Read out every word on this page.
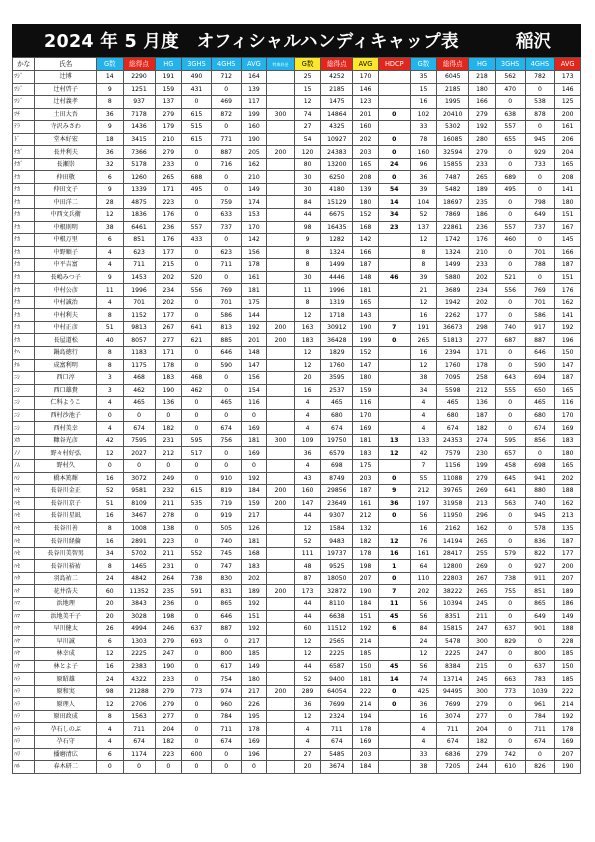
2024 年 5 月度　オフィシャルハンディキャップ表	稲沢
かな	氏名	G数	総得点	HG	3GHS	4GHS	AVG	特典料金	G数	総得点	AVG	HDCP	G数	総得点	HG	3GHS	4GHS	AVG
ﾂｼﾞ	辻博	14	2290	191	490	712	164		25	4252	170		35	6045	218	562	782	173
ﾂｼﾞ	辻村啓子	9	1251	159	431	0	139		15	2185	146		15	2185	180	470	0	146
ﾂｼﾞ	辻村義孝	8	937	137	0	469	117		12	1475	123		16	1995	166	0	538	125
ﾂﾁ	土田大吾	36	7178	279	615	872	199	300	74	14864	201	0	102	20410	279	638	878	200
ﾃﾗ	寺沢みさわ	9	1436	179	515	0	160		27	4325	160		33	5302	192	557	0	161
ﾄﾞ	堂本好宏	18	3415	210	615	771	190		54	10927	202	0	78	16085	280	655	945	206
ﾅｶﾞ	長井利夫	36	7366	279	0	887	205	200	120	24383	203	0	160	32594	279	0	929	204
ﾅｶﾞ	長瀬崇	32	5178	233	0	716	162		80	13200	165	24	96	15855	233	0	733	165
ﾅｶ	仲田敬	6	1260	265	688	0	210		30	6250	208	0	36	7487	265	689	0	208
ﾅｶ	仲田文子	9	1339	171	495	0	149		30	4180	139	54	39	5482	189	495	0	141
ﾅｶ	中田洋二	28	4875	223	0	759	174		84	15129	180	14	104	18697	235	0	798	180
ﾅｶ	中西文兵衛	12	1836	176	0	633	153		44	6675	152	34	52	7869	186	0	649	151
ﾅｶ	中根則明	38	6461	236	557	737	170		98	16435	168	23	137	22861	236	557	737	167
ﾅｶ	中根万里	6	851	176	433	0	142		9	1282	142		12	1742	176	460	0	145
ﾅｶ	中野順子	4	623	177	0	623	156		8	1324	166		8	1324	210	0	701	166
ﾅｶ	中平吉富	4	711	215	0	711	178		8	1499	187		8	1499	233	0	788	187
ﾅｶ	長嶋みつ子	9	1453	202	520	0	161		30	4446	148	46	39	5880	202	521	0	151
ﾅｶ	中村公彦	11	1996	234	556	769	181		11	1996	181		21	3689	234	556	769	176
ﾅｶ	中村誠治	4	701	202	0	701	175		8	1319	165		12	1942	202	0	701	162
ﾅｶ	中村利夫	8	1152	177	0	586	144		12	1718	143		16	2262	177	0	586	141
ﾅｶ	中村正彦	51	9813	267	641	813	192	200	163	30912	190	7	191	36673	298	740	917	192
ﾅｶ	長屋道松	40	8057	277	621	885	201	200	183	36428	199	0	265	51813	277	687	887	196
ﾅﾍ	鍋島徳行	8	1183	171	0	646	148		12	1829	152		16	2394	171	0	646	150
ﾅﾙ	成富利明	8	1175	178	0	590	147		12	1760	147		12	1760	178	0	590	147
ﾆｼ	西口淳	3	468	183	468	0	156		20	3595	180		38	7095	258	643	694	187
ﾆｼ	西口雄貴	3	462	190	462	0	154		16	2537	159		34	5598	212	555	650	165
ﾆｼ	仁科ようこ	4	465	136	0	465	116		4	465	116		4	465	136	0	465	116
ﾆｼ	西村沙池子	0	0	0	0	0	0		4	680	170		4	680	187	0	680	170
ﾆｼ	西村美幸	4	674	182	0	674	169		4	674	169		4	674	182	0	674	169
ﾇｶ	糠谷光彦	42	7595	231	595	756	181	300	109	19750	181	13	133	24353	274	595	856	183
ﾉﾉ	野々村好弘	12	2027	212	517	0	169		36	6579	183	12	42	7579	230	657	0	180
ﾉﾑ	野村久	0	0	0	0	0	0		4	698	175		7	1156	199	458	698	165
ﾊｼ	橋本篤輝	16	3072	249	0	910	192		43	8749	203	0	55	11088	279	645	941	202
ﾊｾ	長谷川金正	52	9581	232	615	819	184	200	160	29856	187	9	212	39765	269	641	880	188
ﾊｾ	長谷川京子	51	8109	211	535	719	159	200	147	23649	161	36	197	31958	213	563	740	162
ﾊｾ	長谷川星凪	16	3467	278	0	919	217		44	9307	212	0	56	11950	296	0	945	213
ﾊｾ	長谷川善	8	1008	138	0	505	126		12	1584	132		16	2162	162	0	578	135
ﾊｾ	長谷川経倫	16	2891	223	0	740	181		52	9483	182	12	76	14194	265	0	836	187
ﾊｾ	長谷川美智男	34	5702	211	552	745	168		111	19737	178	16	161	28417	255	579	822	177
ﾊｾ	長谷川裕祐	8	1465	231	0	747	183		48	9525	198	1	64	12800	269	0	927	200
ﾊﾀ	羽島祐二	24	4842	264	738	830	202		87	18050	207	0	110	22803	267	738	911	207
ﾊﾅ	花井浩夫	60	11352	235	591	831	189	200	173	32872	190	7	202	38222	265	755	851	189
ﾊﾏ	浜地理	20	3843	236	0	865	192		44	8110	184	11	56	10394	245	0	865	186
ﾊﾏ	浜地美千子	20	3028	198	0	646	151		44	6638	151	45	56	8351	211	0	649	149
ﾊﾔ	早川健太	26	4994	246	637	887	192		60	11512	192	6	84	15815	247	637	901	188
ﾊﾔ	早川誠	6	1303	279	693	0	217		12	2565	214		24	5478	300	829	0	228
ﾊﾔ	林幸成	12	2225	247	0	800	185		12	2225	185		12	2225	247	0	800	185
ﾊﾔ	林とよ子	16	2383	190	0	617	149		44	6587	150	45	56	8384	215	0	637	150
ﾊﾗ	原昭雄	24	4322	233	0	754	180		52	9400	181	14	74	13714	245	663	783	185
ﾊﾗ	原和実	98	21288	279	773	974	217	200	289	64054	222	0	425	94495	300	773	1039	222
ﾊﾗ	原理人	12	2706	279	0	960	226		36	7699	214	0	36	7699	279	0	961	214
ﾊﾗ	原田政成	8	1563	277	0	784	195		12	2324	194		16	3074	277	0	784	192
ﾊﾗ	孕石しのぶ	4	711	204	0	711	178		4	711	178		4	711	204	0	711	178
ﾊﾗ	孕石守	4	674	182	0	674	169		4	674	169		4	674	182	0	674	169
ﾊﾘ	播磨清広	6	1174	223	600	0	196		27	5485	203		33	6836	279	742	0	207
ﾊﾙ	春木研二	0	0	0	0	0	0		20	3674	184		38	7205	244	610	826	190
